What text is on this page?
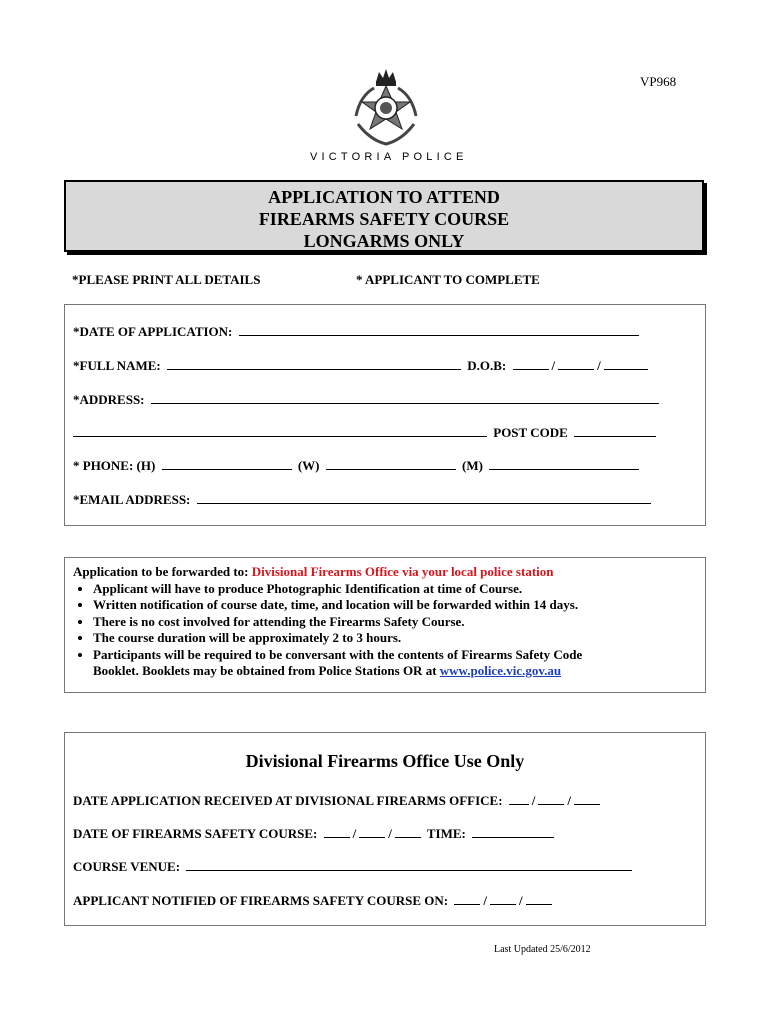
VP968
VICTORIA POLICE
APPLICATION TO ATTEND
FIREARMS SAFETY COURSE
LONGARMS ONLY
*PLEASE PRINT ALL DETAILS	* APPLICANT TO COMPLETE
*DATE OF APPLICATION:
*FULL NAME:	D.O.B:	/	/
*ADDRESS:
POST CODE
* PHONE: (H)	(W)	(M)
*EMAIL ADDRESS:
Application to be forwarded to: Divisional Firearms Office via your local police station
• Applicant will have to produce Photographic Identification at time of Course.
• Written notification of course date, time, and location will be forwarded within 14 days.
• There is no cost involved for attending the Firearms Safety Course.
• The course duration will be approximately 2 to 3 hours.
• Participants will be required to be conversant with the contents of Firearms Safety Code
Booklet. Booklets may be obtained from Police Stations OR at www.police.vic.gov.au
Divisional Firearms Office Use Only
DATE APPLICATION RECEIVED AT DIVISIONAL FIREARMS OFFICE: / /
DATE OF FIREARMS SAFETY COURSE:	/ /	TIME:
COURSE VENUE:
APPLICANT NOTIFIED OF FIREARMS SAFETY COURSE ON:	/ /
Last Updated 25/6/2012
